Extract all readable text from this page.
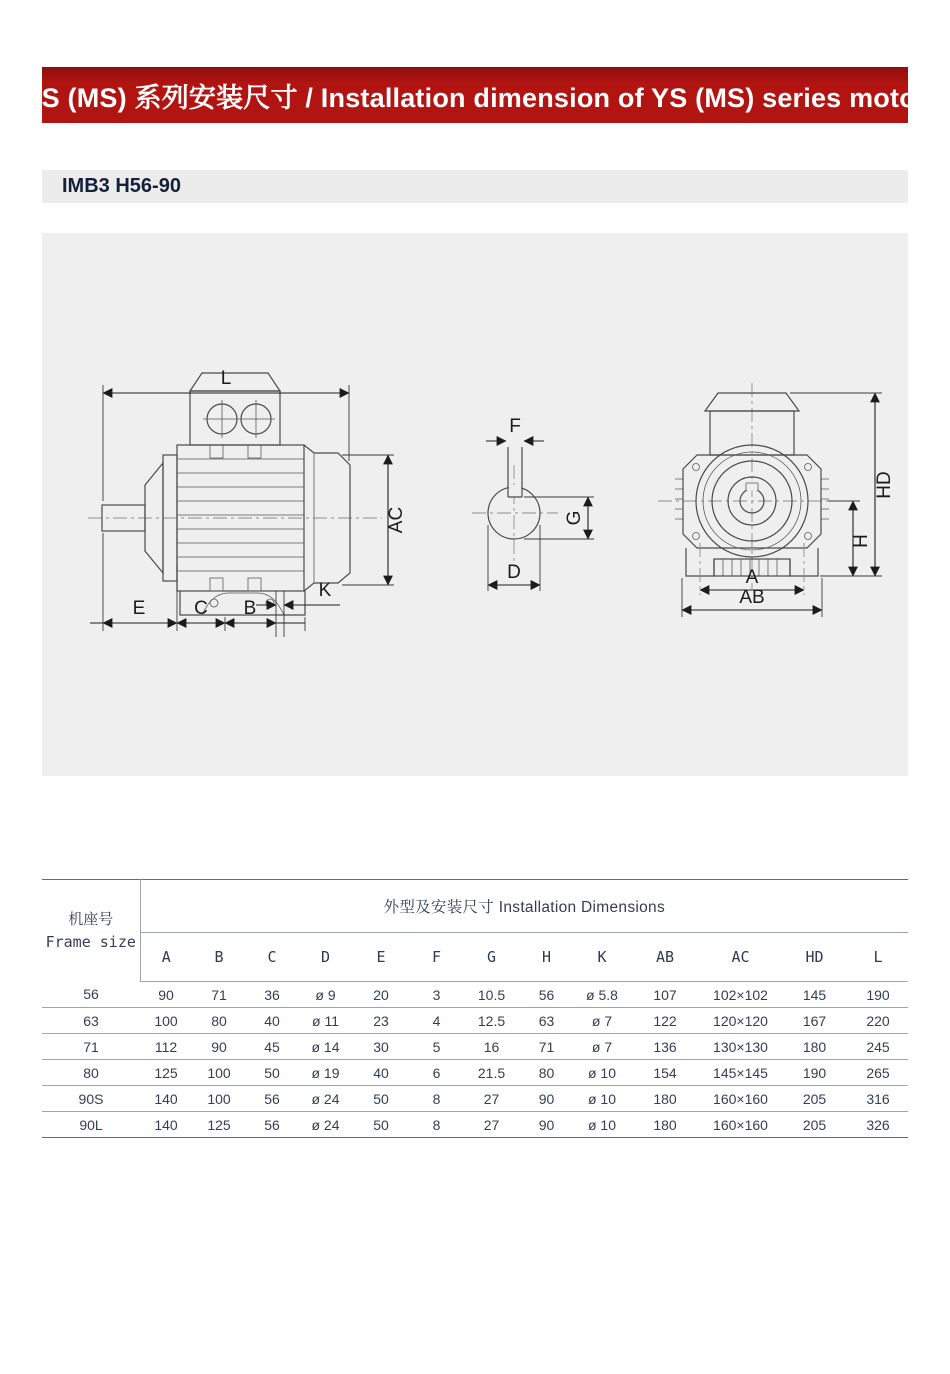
YS (MS) 系列安装尺寸 / Installation dimension of YS (MS) series motor
IMB3 H56-90
L
AC
E	C B
K
F
G
D
HD
H
A
AB
机座号
Frame size	外型及安装尺寸 Installation Dimensions												
	A	B	C	D	E	F	G	H	K	AB	AC	HD	L
56	90	71	36	ø 9	20	3	10.5	56	ø 5.8	107	102×102	145	190
63	100	80	40	ø 11	23	4	12.5	63	ø 7	122	120×120	167	220
71	112	90	45	ø 14	30	5	16	71	ø 7	136	130×130	180	245
80	125	100	50	ø 19	40	6	21.5	80	ø 10	154	145×145	190	265
90S	140	100	56	ø 24	50	8	27	90	ø 10	180	160×160	205	316
90L	140	125	56	ø 24	50	8	27	90	ø 10	180	160×160	205	326
